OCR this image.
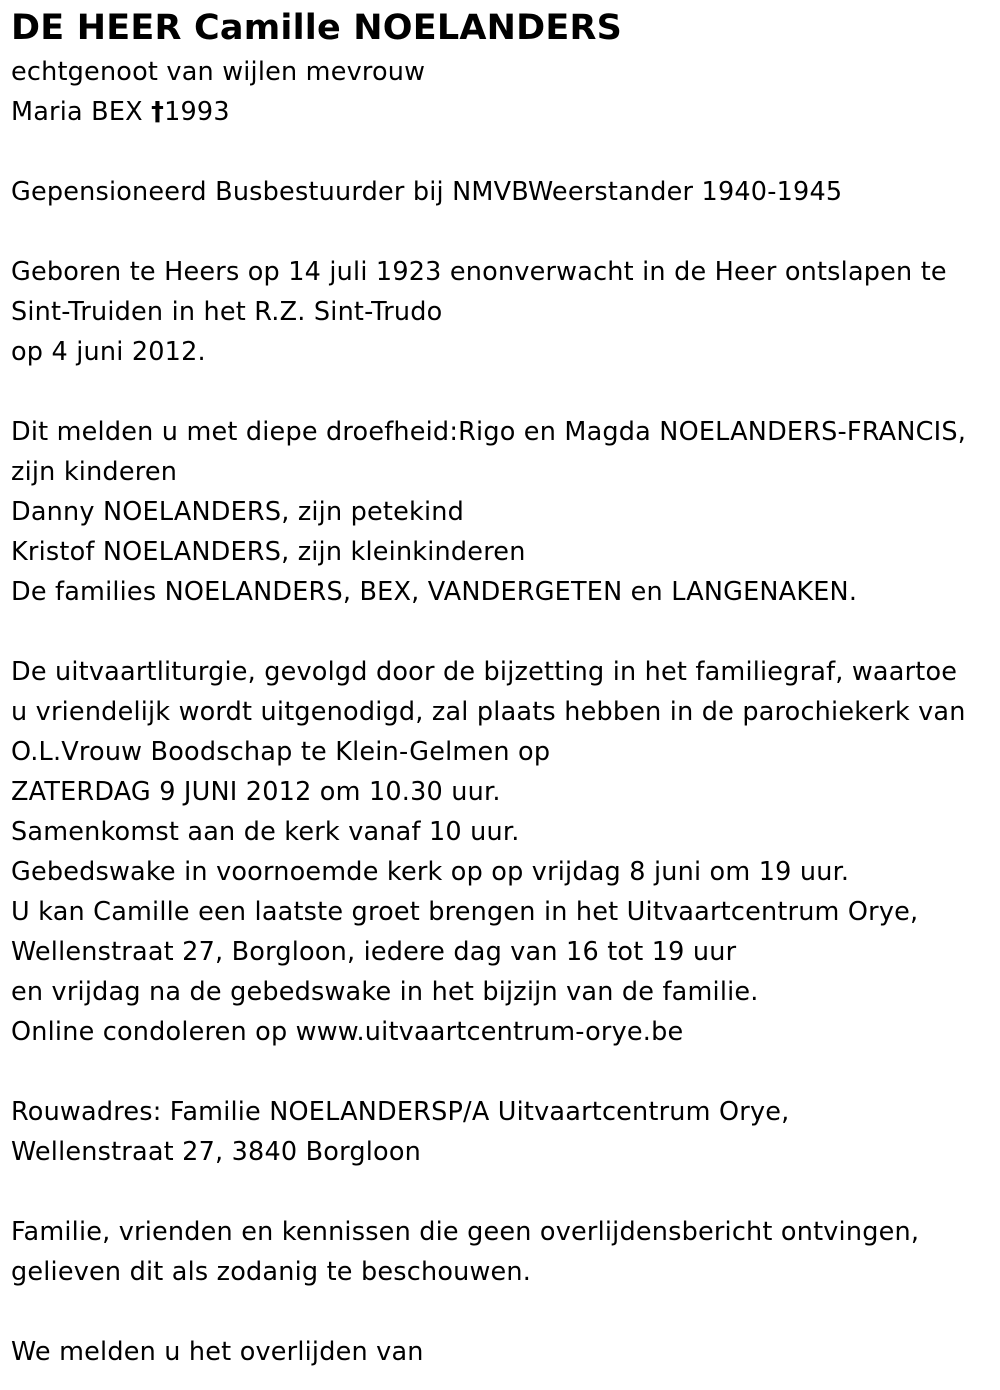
DE HEER Camille NOELANDERS
echtgenoot van wijlen mevrouw
Maria BEX †1993
Gepensioneerd Busbestuurder bij NMVBWeerstander 1940-1945
Geboren te Heers op 14 juli 1923 enonverwacht in de Heer ontslapen te
Sint-Truiden in het R.Z. Sint-Trudo
op 4 juni 2012.
Dit melden u met diepe droefheid:Rigo en Magda NOELANDERS-FRANCIS,
zijn kinderen
Danny NOELANDERS, zijn petekind
Kristof NOELANDERS, zijn kleinkinderen
De families NOELANDERS, BEX, VANDERGETEN en LANGENAKEN.
De uitvaartliturgie, gevolgd door de bijzetting in het familiegraf, waartoe
u vriendelijk wordt uitgenodigd, zal plaats hebben in de parochiekerk van
O.L.Vrouw Boodschap te Klein-Gelmen op
ZATERDAG 9 JUNI 2012 om 10.30 uur.
Samenkomst aan de kerk vanaf 10 uur.
Gebedswake in voornoemde kerk op op vrijdag 8 juni om 19 uur.
U kan Camille een laatste groet brengen in het Uitvaartcentrum Orye,
Wellenstraat 27, Borgloon, iedere dag van 16 tot 19 uur
en vrijdag na de gebedswake in het bijzijn van de familie.
Online condoleren op www.uitvaartcentrum-orye.be
Rouwadres: Familie NOELANDERSP/A Uitvaartcentrum Orye,
Wellenstraat 27, 3840 Borgloon
Familie, vrienden en kennissen die geen overlijdensbericht ontvingen,
gelieven dit als zodanig te beschouwen.
We melden u het overlijden van
